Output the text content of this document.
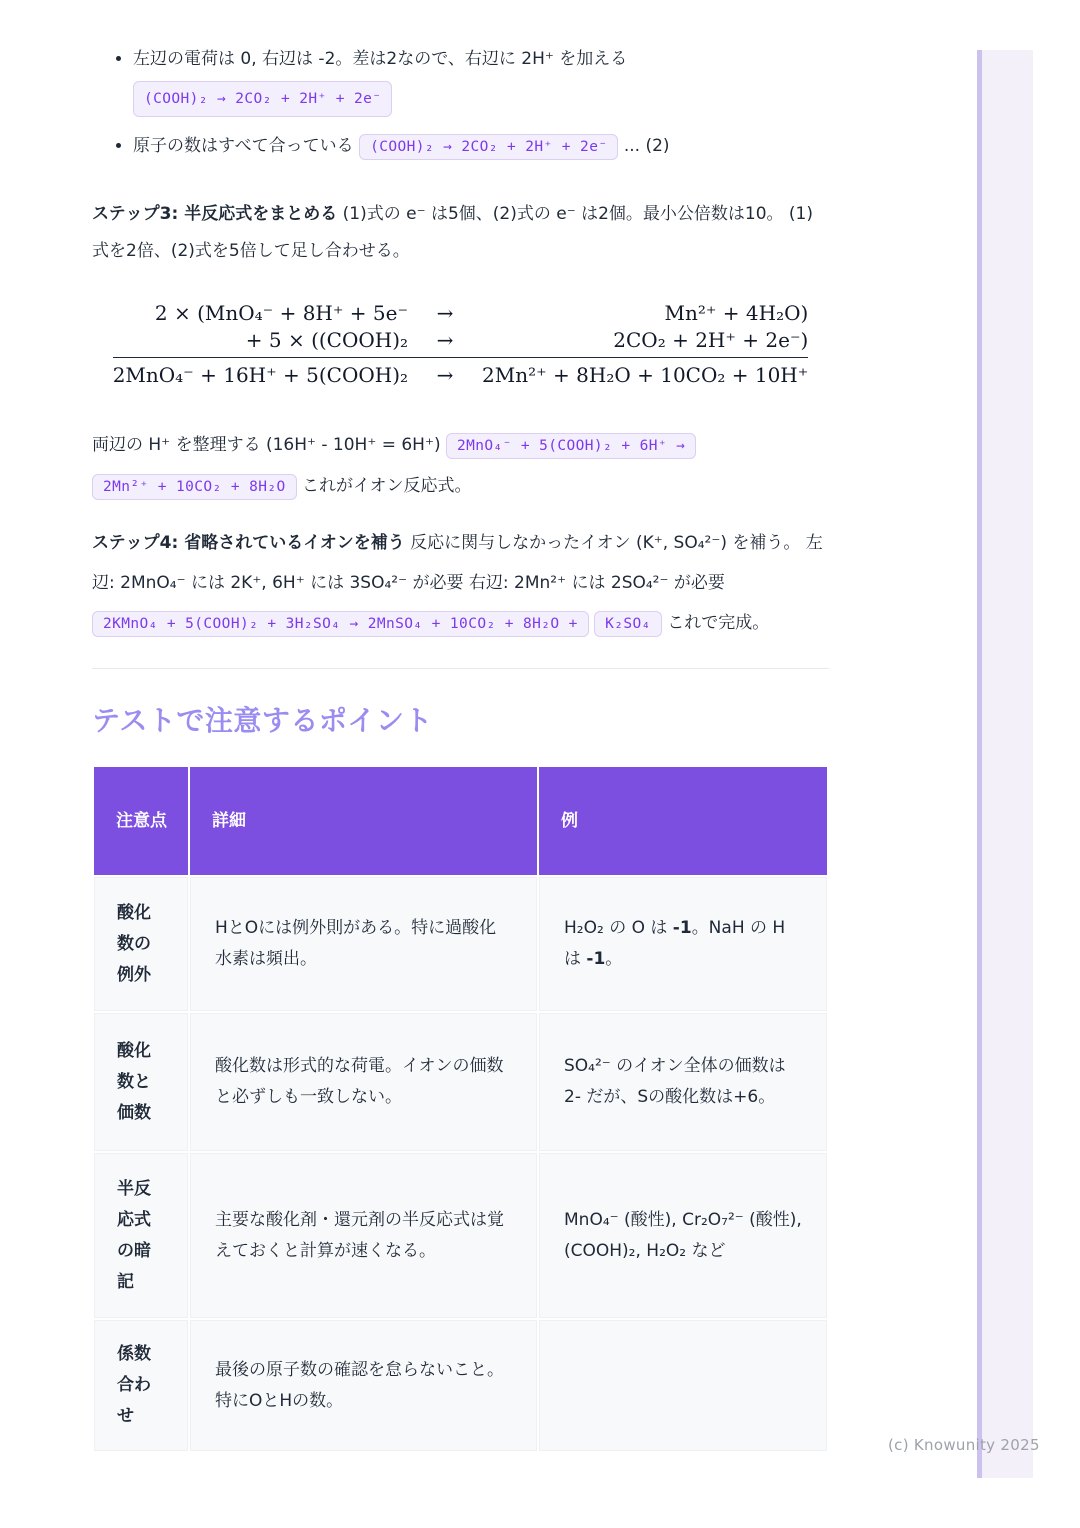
• 左辺の電荷は 0, 右辺は -2。差は2なので、右辺に 2H⁺ を加える
(COOH)₂ → 2CO₂ + 2H⁺ + 2e⁻
• 原子の数はすべて合っている (COOH)₂ → 2CO₂ + 2H⁺ + 2e⁻ ... (2)

ステップ3: 半反応式をまとめる (1)式の e⁻ は5個、(2)式の e⁻ は2個。最小公倍数は10。 (1)式を2倍、(2)式を5倍して足し合わせる。

2 × (MnO₄⁻ + 8H⁺ + 5e⁻	→	Mn²⁺ + 4H₂O)
+ 5 × ((COOH)₂	→	2CO₂ + 2H⁺ + 2e⁻)
2MnO₄⁻ + 16H⁺ + 5(COOH)₂	→	2Mn²⁺ + 8H₂O + 10CO₂ + 10H⁺

両辺の H⁺ を整理する (16H⁺ - 10H⁺ = 6H⁺) 2MnO₄⁻ + 5(COOH)₂ + 6H⁺ → 2Mn²⁺ + 10CO₂ + 8H₂O これがイオン反応式。

ステップ4: 省略されているイオンを補う 反応に関与しなかったイオン (K⁺, SO₄²⁻) を補う。 左辺: 2MnO₄⁻ には 2K⁺, 6H⁺ には 3SO₄²⁻ が必要 右辺: 2Mn²⁺ には 2SO₄²⁻ が必要 2KMnO₄ + 5(COOH)₂ + 3H₂SO₄ → 2MnSO₄ + 10CO₂ + 8H₂O + K₂SO₄ これで完成。

テストで注意するポイント
注意点	詳細	例
酸化数の例外	HとOには例外則がある。特に過酸化水素は頻出。	H₂O₂ の O は -1。NaH の H は -1。
酸化数と価数	酸化数は形式的な荷電。イオンの価数と必ずしも一致しない。	SO₄²⁻ のイオン全体の価数は 2- だが、Sの酸化数は+6。
半反応式の暗記	主要な酸化剤・還元剤の半反応式は覚えておくと計算が速くなる。	MnO₄⁻ (酸性), Cr₂O₇²⁻ (酸性), (COOH)₂, H₂O₂ など
係数合わせ	最後の原子数の確認を怠らないこと。特にOとHの数。	
(c) Knowunity 2025
